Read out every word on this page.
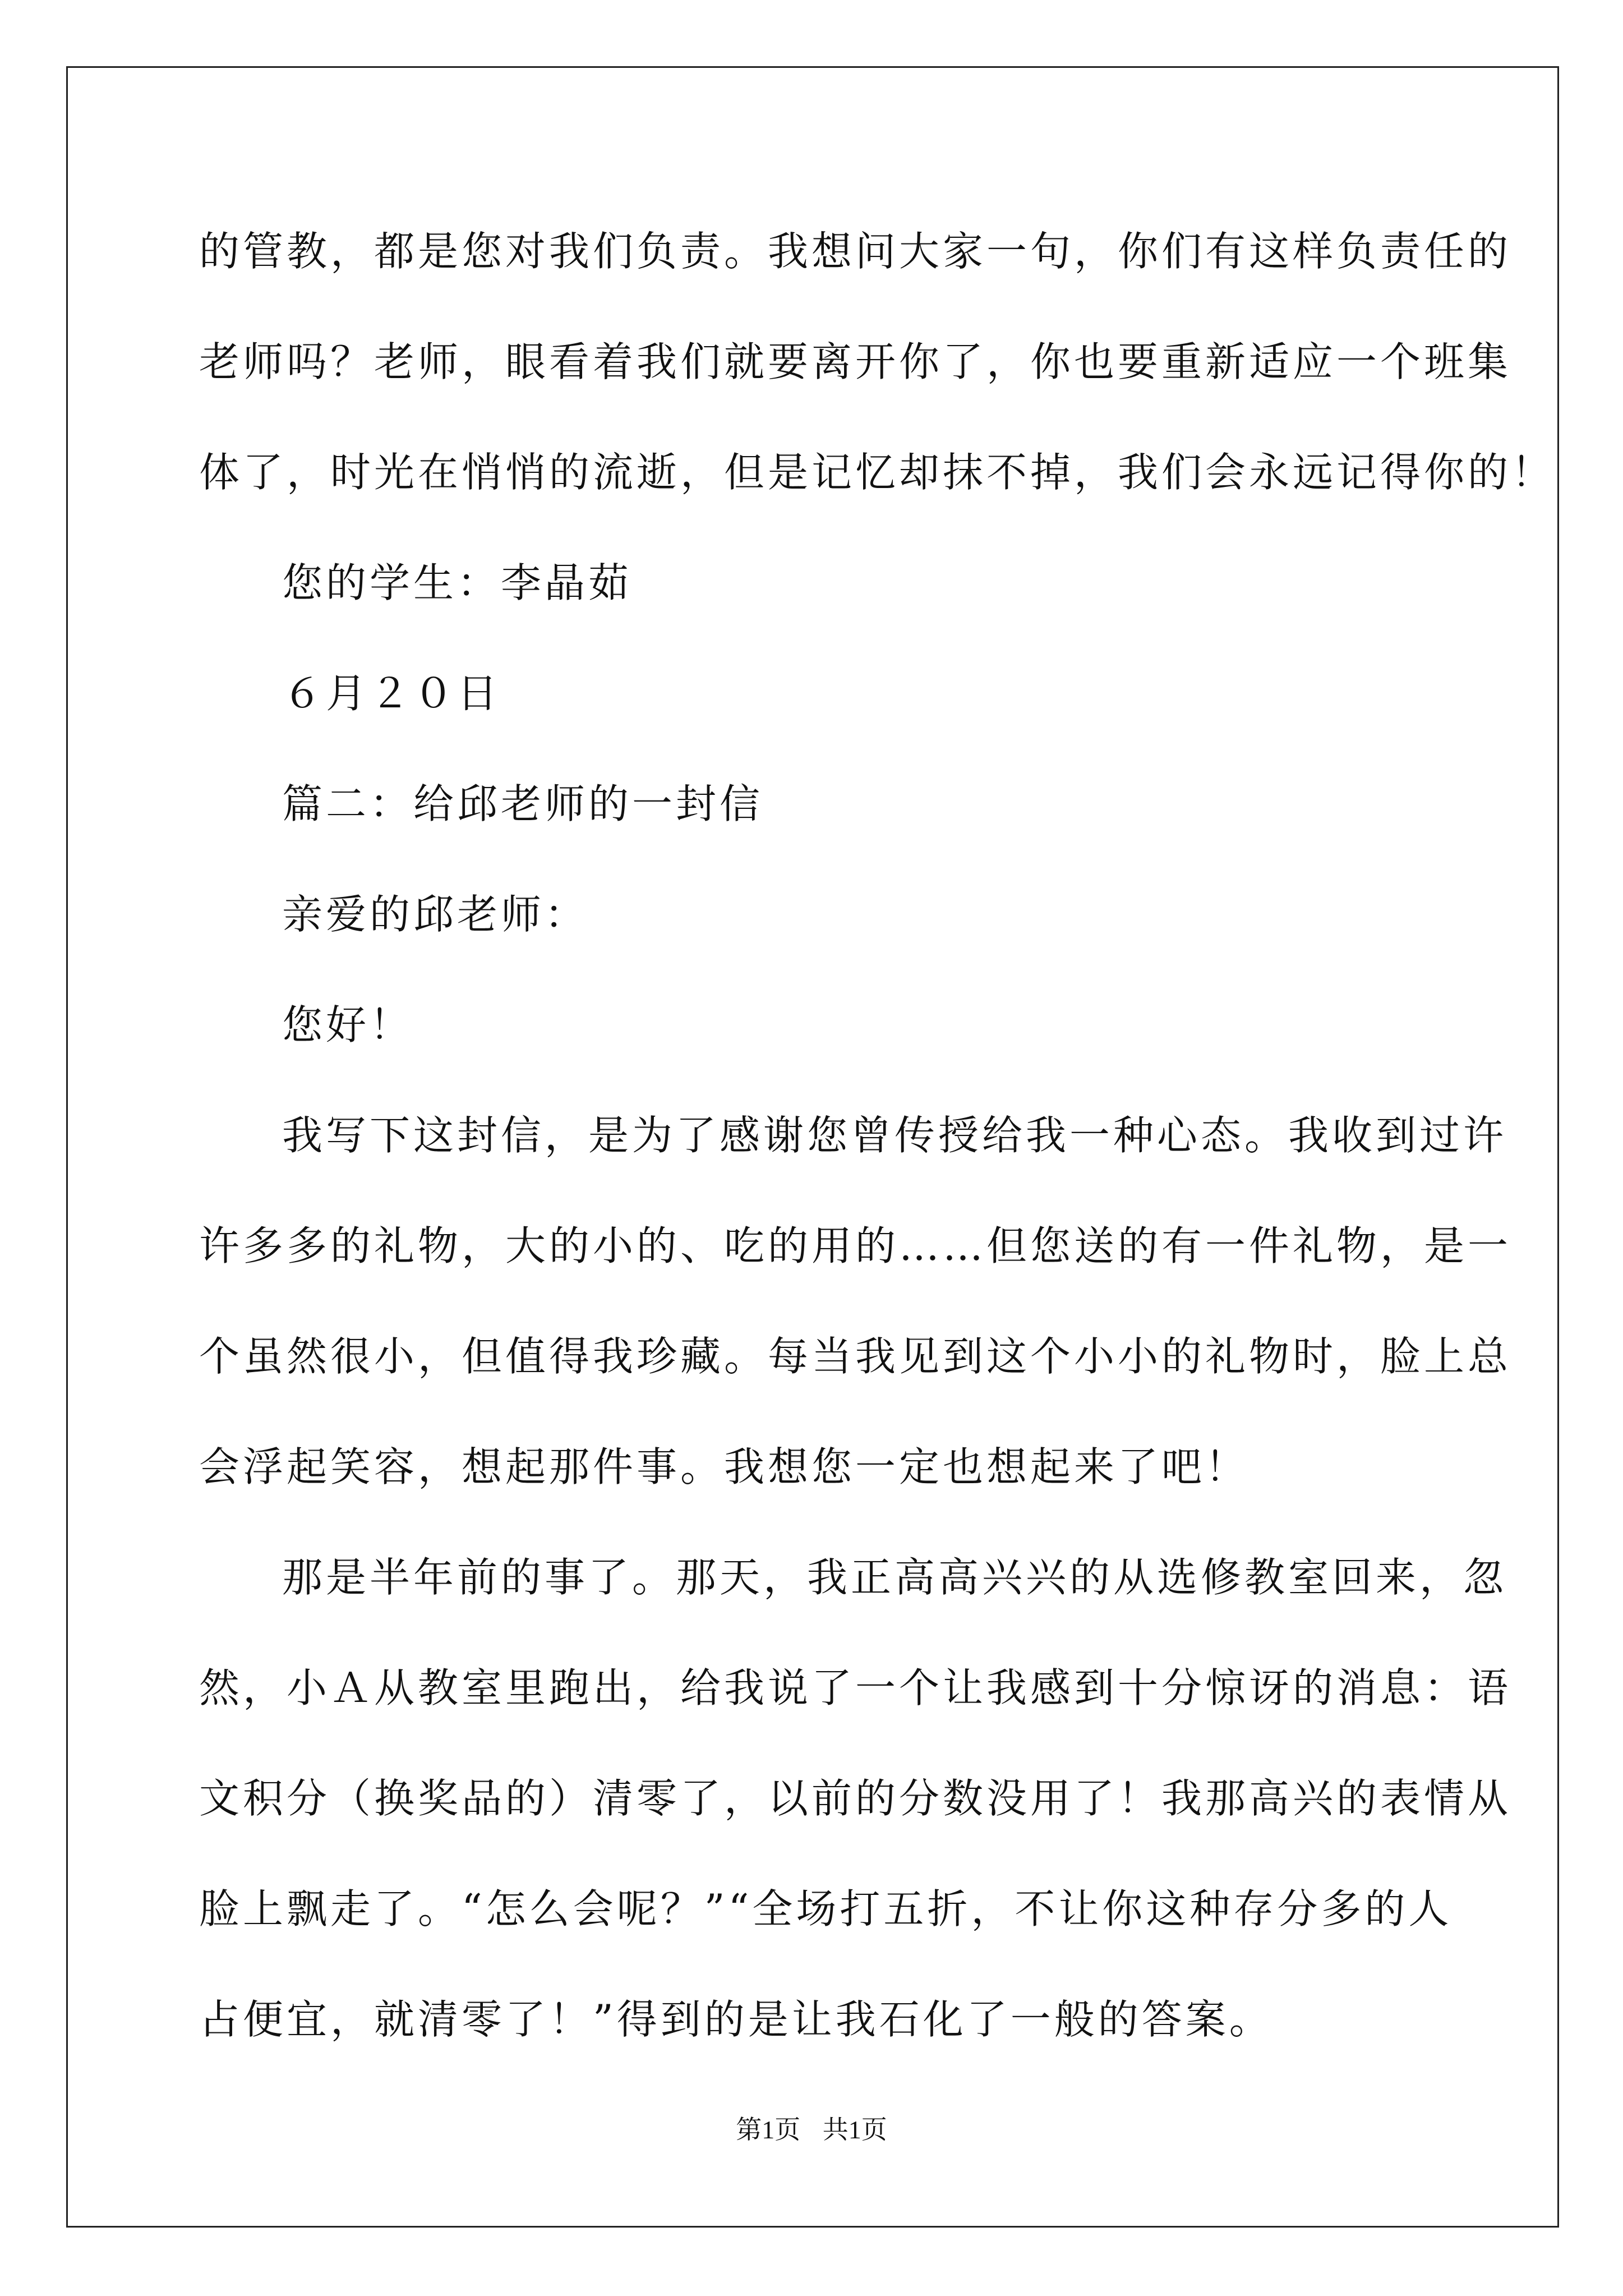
的管教，都是您对我们负责。我想问大家一句，你们有这样负责任的
老师吗？老师，眼看着我们就要离开你了，你也要重新适应一个班集
体了，时光在悄悄的流逝，但是记忆却抹不掉，我们会永远记得你的！
您的学生：李晶茹
６月２０日
篇二：给邱老师的一封信
亲爱的邱老师：
您好！
我写下这封信，是为了感谢您曾传授给我一种心态。我收到过许
许多多的礼物，大的小的、吃的用的……但您送的有一件礼物，是一
个虽然很小，但值得我珍藏。每当我见到这个小小的礼物时，脸上总
会浮起笑容，想起那件事。我想您一定也想起来了吧！
那是半年前的事了。那天，我正高高兴兴的从选修教室回来，忽
然，小Ａ从教室里跑出，给我说了一个让我感到十分惊讶的消息：语
文积分（换奖品的）清零了，以前的分数没用了！我那高兴的表情从
脸上飘走了。“怎么会呢？”“全场打五折，不让你这种存分多的人
占便宜，就清零了！”得到的是让我石化了一般的答案。
第1页 共1页
